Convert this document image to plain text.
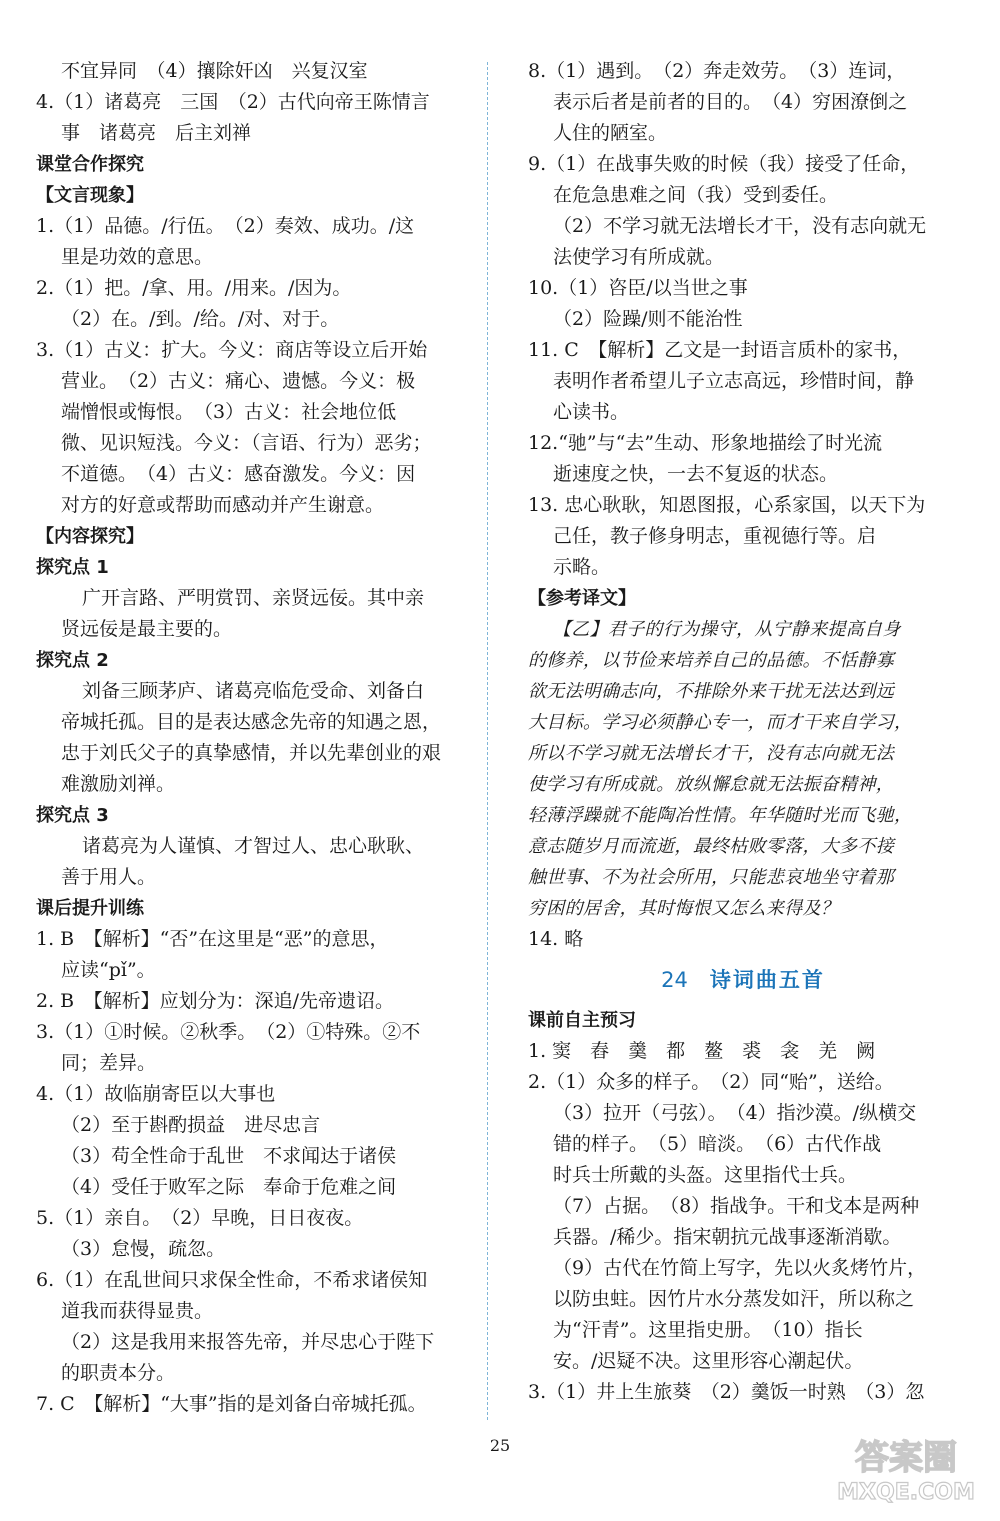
不宜异同　（4）攘除奸凶　兴复汉室
4.（1）诸葛亮　三国　（2）古代向帝王陈情言
事　诸葛亮　后主刘禅
课堂合作探究
【文言现象】
1.（1）品德。/行伍。　（2）奏效、成功。/这
里是功效的意思。
2.（1）把。/拿、用。/用来。/因为。
（2）在。/到。/给。/对、对于。
3.（1）古义：扩大。今义：商店等设立后开始
营业。　（2）古义：痛心、遗憾。今义：极
端憎恨或悔恨。　（3）古义：社会地位低
微、见识短浅。今义：（言语、行为）恶劣；
不道德。　（4）古义：感奋激发。今义：因
对方的好意或帮助而感动并产生谢意。
【内容探究】
探究点 1
广开言路、严明赏罚、亲贤远佞。其中亲
贤远佞是最主要的。
探究点 2
刘备三顾茅庐、诸葛亮临危受命、刘备白
帝城托孤。目的是表达感念先帝的知遇之恩，
忠于刘氏父子的真挚感情，并以先辈创业的艰
难激励刘禅。
探究点 3
诸葛亮为人谨慎、才智过人、忠心耿耿、
善于用人。
课后提升训练
1. B　【解析】“否”在这里是“恶”的意思，
应读“pǐ”。
2. B　【解析】应划分为：深追/先帝遗诏。
3.（1）①时候。②秋季。　（2）①特殊。②不
同；差异。
4.（1）故临崩寄臣以大事也
（2）至于斟酌损益　进尽忠言
（3）苟全性命于乱世　不求闻达于诸侯
（4）受任于败军之际　奉命于危难之间
5.（1）亲自。　（2）早晚，日日夜夜。
（3）怠慢，疏忽。
6.（1）在乱世间只求保全性命，不希求诸侯知
道我而获得显贵。
（2）这是我用来报答先帝，并尽忠心于陛下
的职责本分。
7. C　【解析】“大事”指的是刘备白帝城托孤。
8.（1）遇到。　（2）奔走效劳。　（3）连词，
表示后者是前者的目的。　（4）穷困潦倒之
人住的陋室。
9.（1）在战事失败的时候（我）接受了任命，
在危急患难之间（我）受到委任。
（2）不学习就无法增长才干，没有志向就无
法使学习有所成就。
10.（1）咨臣/以当世之事
（2）险躁/则不能治性
11. C　【解析】乙文是一封语言质朴的家书，
表明作者希望儿子立志高远，珍惜时间，静
心读书。
12.“驰”与“去”生动、形象地描绘了时光流
逝速度之快，一去不复返的状态。
13. 忠心耿耿，知恩图报，心系家国，以天下为
己任，教子修身明志，重视德行等。启
示略。
【参考译文】
【乙】君子的行为操守，从宁静来提高自身
的修养，以节俭来培养自己的品德。不恬静寡
欲无法明确志向，不排除外来干扰无法达到远
大目标。学习必须静心专一，而才干来自学习，
所以不学习就无法增长才干，没有志向就无法
使学习有所成就。放纵懈怠就无法振奋精神，
轻薄浮躁就不能陶冶性情。年华随时光而飞驰，
意志随岁月而流逝，最终枯败零落，大多不接
触世事、不为社会所用，只能悲哀地坐守着那
穷困的居舍，其时悔恨又怎么来得及？
14. 略
24 诗词曲五首
课前自主预习
1. 窦　舂　羹　都　鳌　裘　衾　羌　阙
2.（1）众多的样子。　（2）同“贻”，送给。
（3）拉开（弓弦）。　（4）指沙漠。/纵横交
错的样子。　（5）暗淡。　（6）古代作战
时兵士所戴的头盔。这里指代士兵。
（7）占据。　（8）指战争。干和戈本是两种
兵器。/稀少。指宋朝抗元战事逐渐消歇。
（9）古代在竹简上写字，先以火炙烤竹片，
以防虫蛀。因竹片水分蒸发如汗，所以称之
为“汗青”。这里指史册。　（10）指长
安。/迟疑不决。这里形容心潮起伏。
3.（1）井上生旅葵　（2）羹饭一时熟　（3）忽
25	答案圈
MXQE.COM
